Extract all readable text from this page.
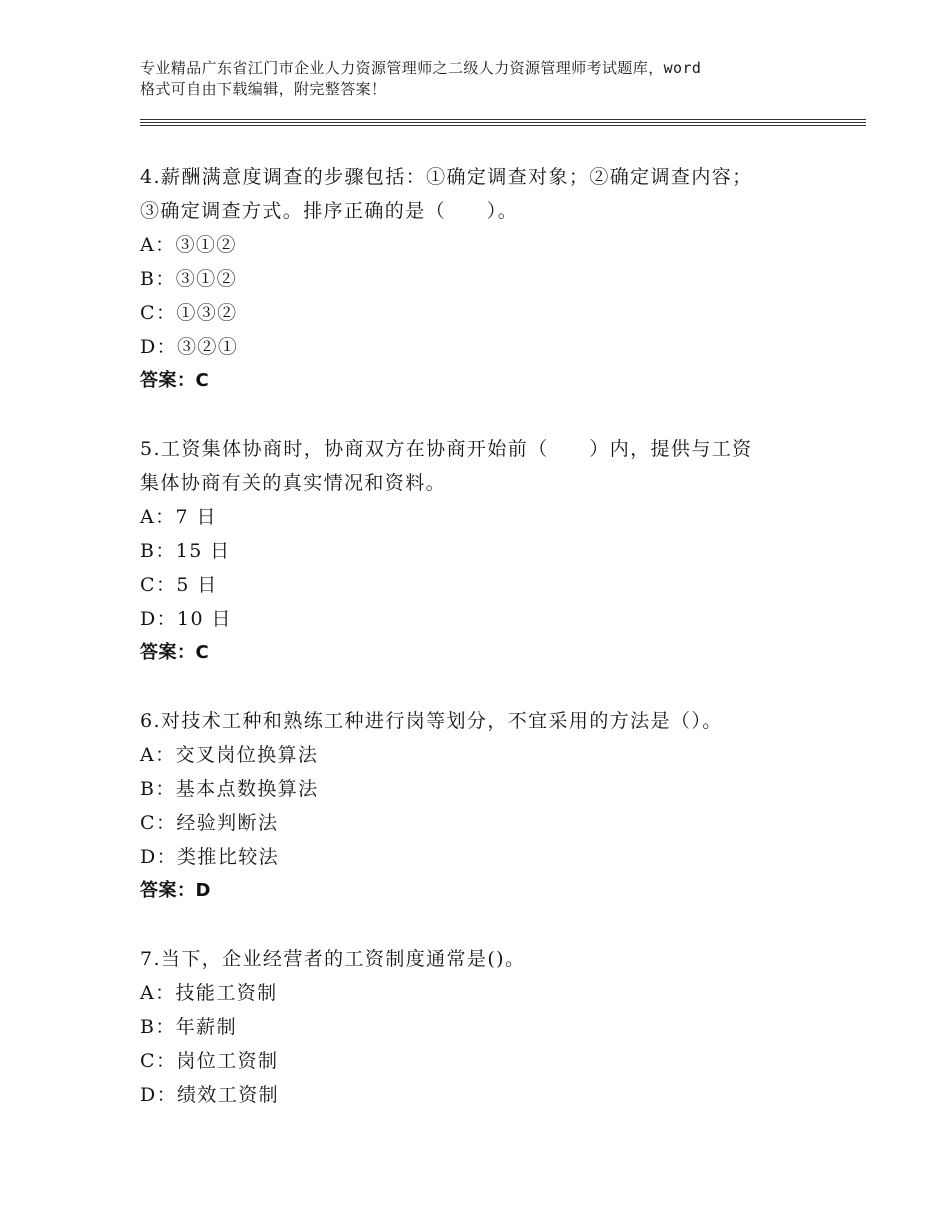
专业精品广东省江门市企业人力资源管理师之二级人力资源管理师考试题库，word
格式可自由下载编辑，附完整答案！
4.薪酬满意度调查的步骤包括：①确定调查对象；②确定调查内容；
③确定调查方式。排序正确的是（　　）。
A：③①②
B：③①②
C：①③②
D：③②①
答案：C
5.工资集体协商时，协商双方在协商开始前（　　）内，提供与工资
集体协商有关的真实情况和资料。
A：7 日
B：15 日
C：5 日
D：10 日
答案：C
6.对技术工种和熟练工种进行岗等划分，不宜采用的方法是（）。
A：交叉岗位换算法
B：基本点数换算法
C：经验判断法
D：类推比较法
答案：D
7.当下，企业经营者的工资制度通常是()。
A：技能工资制
B：年薪制
C：岗位工资制
D：绩效工资制
